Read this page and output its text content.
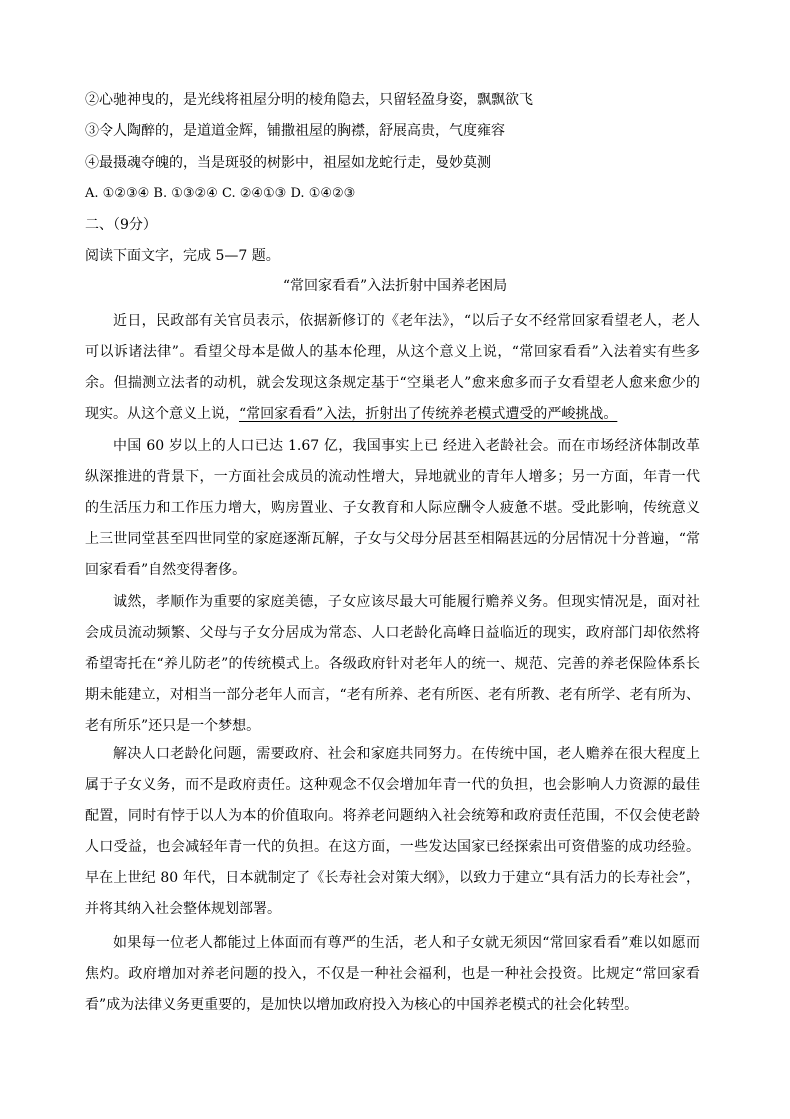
②心驰神曳的，是光线将祖屋分明的棱角隐去，只留轻盈身姿，飘飘欲飞
③令人陶醉的，是道道金辉，铺撒祖屋的胸襟，舒展高贵，气度雍容
④最摄魂夺魄的，当是斑驳的树影中，祖屋如龙蛇行走，曼妙莫测
A. ①②③④ B. ①③②④ C. ②④①③ D. ①④②③
二、（9分）
阅读下面文字，完成 5—7 题。
“常回家看看”入法折射中国养老困局

近日，民政部有关官员表示，依据新修订的《老年法》，“以后子女不经常回家看望老人，老人可以诉诸法律”。看望父母本是做人的基本伦理，从这个意义上说，“常回家看看”入法着实有些多余。但揣测立法者的动机，就会发现这条规定基于“空巢老人”愈来愈多而子女看望老人愈来愈少的现实。从这个意义上说，“常回家看看”入法，折射出了传统养老模式遭受的严峻挑战。

中国 60 岁以上的人口已达 1.67 亿，我国事实上已 经进入老龄社会。而在市场经济体制改革纵深推进的背景下，一方面社会成员的流动性增大，异地就业的青年人增多；另一方面，年青一代的生活压力和工作压力增大，购房置业、子女教育和人际应酬令人疲惫不堪。受此影响，传统意义上三世同堂甚至四世同堂的家庭逐渐瓦解，子女与父母分居甚至相隔甚远的分居情况十分普遍，“常回家看看”自然变得奢侈。

诚然，孝顺作为重要的家庭美德，子女应该尽最大可能履行赡养义务。但现实情况是，面对社会成员流动频繁、父母与子女分居成为常态、人口老龄化高峰日益临近的现实，政府部门却依然将希望寄托在“养儿防老”的传统模式上。各级政府针对老年人的统一、规范、完善的养老保险体系长期未能建立，对相当一部分老年人而言，“老有所养、老有所医、老有所教、老有所学、老有所为、老有所乐”还只是一个梦想。

解决人口老龄化问题，需要政府、社会和家庭共同努力。在传统中国，老人赡养在很大程度上属于子女义务，而不是政府责任。这种观念不仅会增加年青一代的负担，也会影响人力资源的最佳配置，同时有悖于以人为本的价值取向。将养老问题纳入社会统筹和政府责任范围，不仅会使老龄人口受益，也会减轻年青一代的负担。在这方面，一些发达国家已经探索出可资借鉴的成功经验。早在上世纪 80 年代，日本就制定了《长寿社会对策大纲》，以致力于建立“具有活力的长寿社会”，并将其纳入社会整体规划部署。

如果每一位老人都能过上体面而有尊严的生活，老人和子女就无须因“常回家看看”难以如愿而焦灼。政府增加对养老问题的投入，不仅是一种社会福利，也是一种社会投资。比规定“常回家看看”成为法律义务更重要的，是加快以增加政府投入为核心的中国养老模式的社会化转型。
